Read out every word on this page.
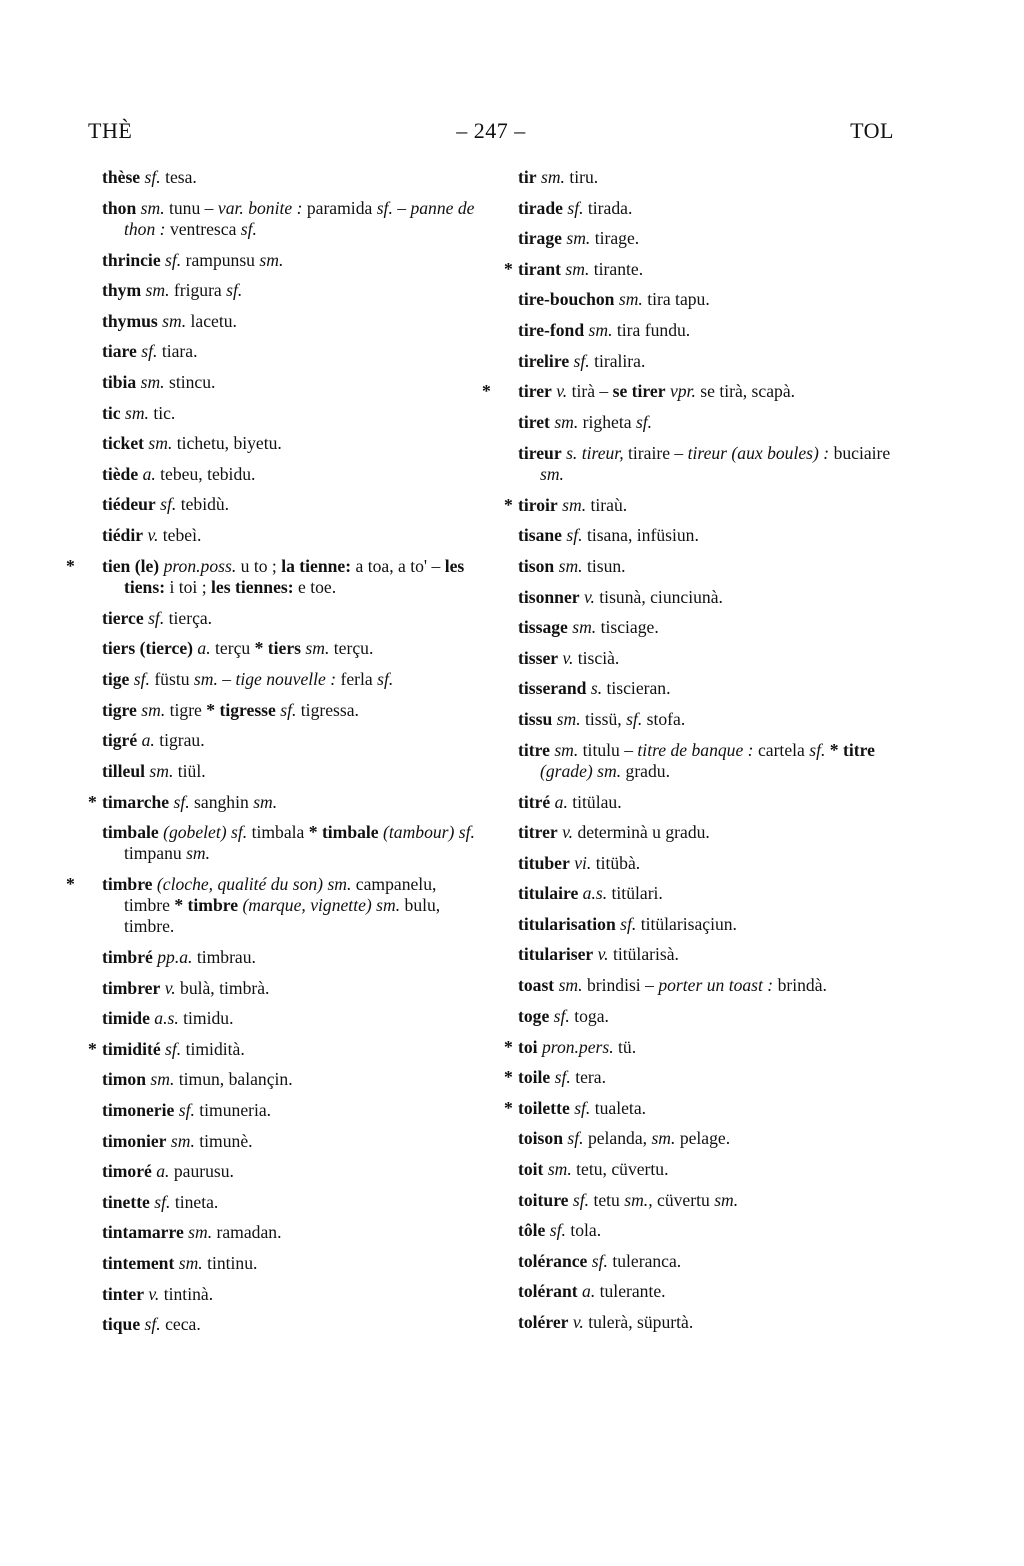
THÈ	– 247 –	TOL
thèse sf. tesa.
thon sm. tunu – var. bonite : paramida sf. – panne de thon : ventresca sf.
thrincie sf. rampunsu sm.
thym sm. frigura sf.
thymus sm. lacetu.
tiare sf. tiara.
tibia sm. stincu.
tic sm. tic.
ticket sm. tichetu, biyetu.
tiède a. tebeu, tebidu.
tiédeur sf. tebidù.
tiédir v. tebeì.
*	tien (le) pron.poss. u to ; la tienne: a toa, a to' – les tiens: i toi ; les tiennes: e toe.
tierce sf. tierça.
tiers (tierce) a. terçu * tiers sm. terçu.
tige sf. füstu sm. – tige nouvelle : ferla sf.
tigre sm. tigre * tigresse sf. tigressa.
tigré a. tigrau.
tilleul sm. tiül.
* timarche sf. sanghin sm.
timbale (gobelet) sf. timbala * timbale (tambour) sf. timpanu sm.
*	timbre (cloche, qualité du son) sm. campanelu, timbre * timbre (marque, vignette) sm. bulu, timbre.
timbré pp.a. timbrau.
timbrer v. bulà, timbrà.
timide a.s. timidu.
* timidité sf. timidità.
timon sm. timun, balançin.
timonerie sf. timuneria.
timonier sm. timunè.
timoré a. paurusu.
tinette sf. tineta.
tintamarre sm. ramadan.
tintement sm. tintinu.
tinter v. tintinà.
tique sf. ceca.
tir sm. tiru.
tirade sf. tirada.
tirage sm. tirage.
* tirant sm. tirante.
tire-bouchon sm. tira tapu.
tire-fond sm. tira fundu.
tirelire sf. tiralira.
*	tirer v. tirà – se tirer vpr. se tirà, scapà.
tiret sm. righeta sf.
tireur s. tireur, tiraire – tireur (aux boules) : buciaire sm.
* tiroir sm. tiraù.
tisane sf. tisana, infüsiun.
tison sm. tisun.
tisonner v. tisunà, ciunciunà.
tissage sm. tisciage.
tisser v. tiscià.
tisserand s. tiscieran.
tissu sm. tissü, sf. stofa.
titre sm. titulu – titre de banque : cartela sf. * titre (grade) sm. gradu.
titré a. titülau.
titrer v. determinà u gradu.
tituber vi. titübà.
titulaire a.s. titülari.
titularisation sf. titülarisaçiun.
titulariser v. titülarisà.
toast sm. brindisi – porter un toast : brindà.
toge sf. toga.
* toi pron.pers. tü.
* toile sf. tera.
* toilette sf. tualeta.
toison sf. pelanda, sm. pelage.
toit sm. tetu, cüvertu.
toiture sf. tetu sm., cüvertu sm.
tôle sf. tola.
tolérance sf. tuleranca.
tolérant a. tulerante.
tolérer v. tulerà, süpurtà.
